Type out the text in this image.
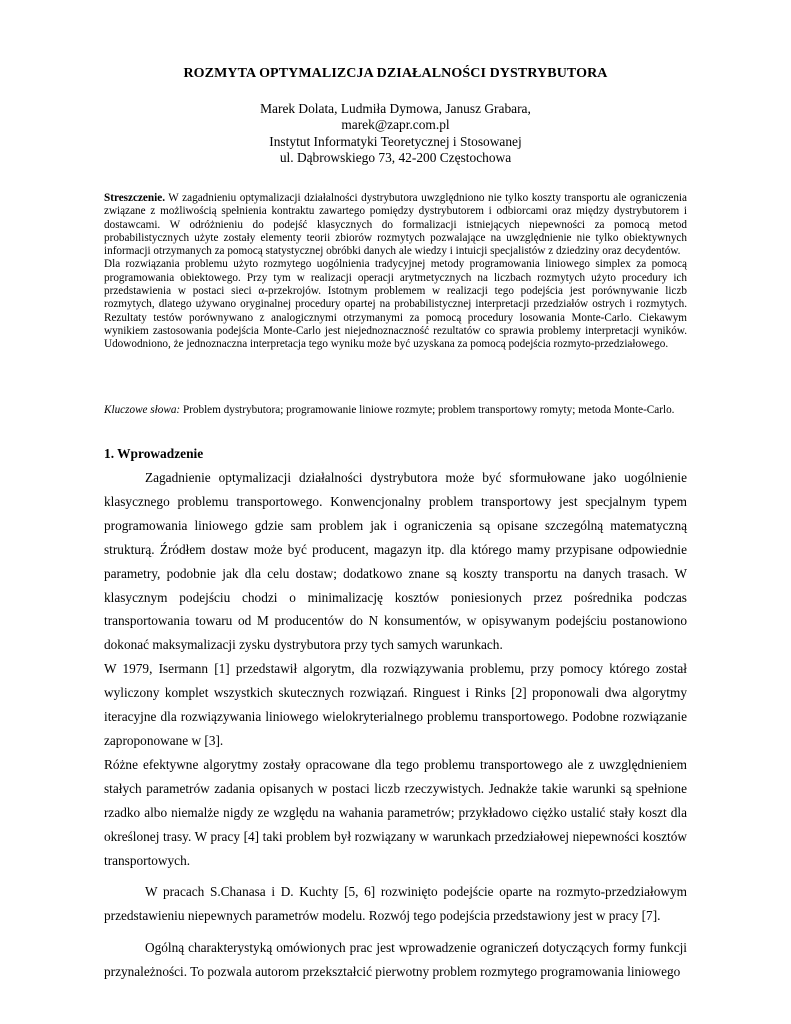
ROZMYTA OPTYMALIZCJA DZIAŁALNOŚCI DYSTRYBUTORA
Marek Dolata, Ludmiła Dymowa, Janusz Grabara,
marek@zapr.com.pl
Instytut Informatyki Teoretycznej i Stosowanej
ul. Dąbrowskiego 73, 42-200 Częstochowa

Streszczenie. W zagadnieniu optymalizacji działalności dystrybutora uwzględniono nie tylko koszty transportu ale ograniczenia związane z możliwością spełnienia kontraktu zawartego pomiędzy dystrybutorem i odbiorcami oraz między dystrybutorem i dostawcami. W odróżnieniu do podejść klasycznych do formalizacji istniejących niepewności za pomocą metod probabilistycznych użyte zostały elementy teorii zbiorów rozmytych pozwalające na uwzględnienie nie tylko obiektywnych informacji otrzymanych za pomocą statystycznej obróbki danych ale wiedzy i intuicji specjalistów z dziedziny oraz decydentów.

Dla rozwiązania problemu użyto rozmytego uogólnienia tradycyjnej metody programowania liniowego simplex za pomocą programowania obiektowego. Przy tym w realizacji operacji arytmetycznych na liczbach rozmytych użyto procedury ich przedstawienia w postaci sieci α-przekrojów. Istotnym problemem w realizacji tego podejścia jest porównywanie liczb rozmytych, dlatego używano oryginalnej procedury opartej na probabilistycznej interpretacji przedziałów ostrych i rozmytych. Rezultaty testów porównywano z analogicznymi otrzymanymi za pomocą procedury losowania Monte-Carlo. Ciekawym wynikiem zastosowania podejścia Monte-Carlo jest niejednoznaczność rezultatów co sprawia problemy interpretacji wyników. Udowodniono, że jednoznaczna interpretacja tego wyniku może być uzyskana za pomocą podejścia rozmyto-przedziałowego.

Kluczowe słowa: Problem dystrybutora; programowanie liniowe rozmyte; problem transportowy romyty; metoda Monte-Carlo.
1. Wprowadzenie

Zagadnienie optymalizacji działalności dystrybutora może być sformułowane jako uogólnienie klasycznego problemu transportowego. Konwencjonalny problem transportowy jest specjalnym typem programowania liniowego gdzie sam problem jak i ograniczenia są opisane szczególną matematyczną strukturą. Źródłem dostaw może być producent, magazyn itp. dla którego mamy przypisane odpowiednie parametry, podobnie jak dla celu dostaw; dodatkowo znane są koszty transportu na danych trasach. W klasycznym podejściu chodzi o minimalizację kosztów poniesionych przez pośrednika podczas transportowania towaru od M producentów do N konsumentów, w opisywanym podejściu postanowiono dokonać maksymalizacji zysku dystrybutora przy tych samych warunkach.

W 1979, Isermann [1] przedstawił algorytm, dla rozwiązywania problemu, przy pomocy którego został wyliczony komplet wszystkich skutecznych rozwiązań. Ringuest i Rinks [2] proponowali dwa algorytmy iteracyjne dla rozwiązywania liniowego wielokryterialnego problemu transportowego. Podobne rozwiązanie zaproponowane w [3].

Różne efektywne algorytmy zostały opracowane dla tego problemu transportowego ale z uwzględnieniem stałych parametrów zadania opisanych w postaci liczb rzeczywistych. Jednakże takie warunki są spełnione rzadko albo niemalże nigdy ze względu na wahania parametrów; przykładowo ciężko ustalić stały koszt dla określonej trasy. W pracy [4] taki problem był rozwiązany w warunkach przedziałowej niepewności kosztów transportowych.

W pracach S.Chanasa i D. Kuchty [5, 6] rozwinięto podejście oparte na rozmyto-przedziałowym przedstawieniu niepewnych parametrów modelu. Rozwój tego podejścia przedstawiony jest w pracy [7].

Ogólną charakterystyką omówionych prac jest wprowadzenie ograniczeń dotyczących formy funkcji przynależności. To pozwala autorom przekształcić pierwotny problem rozmytego programowania liniowego
